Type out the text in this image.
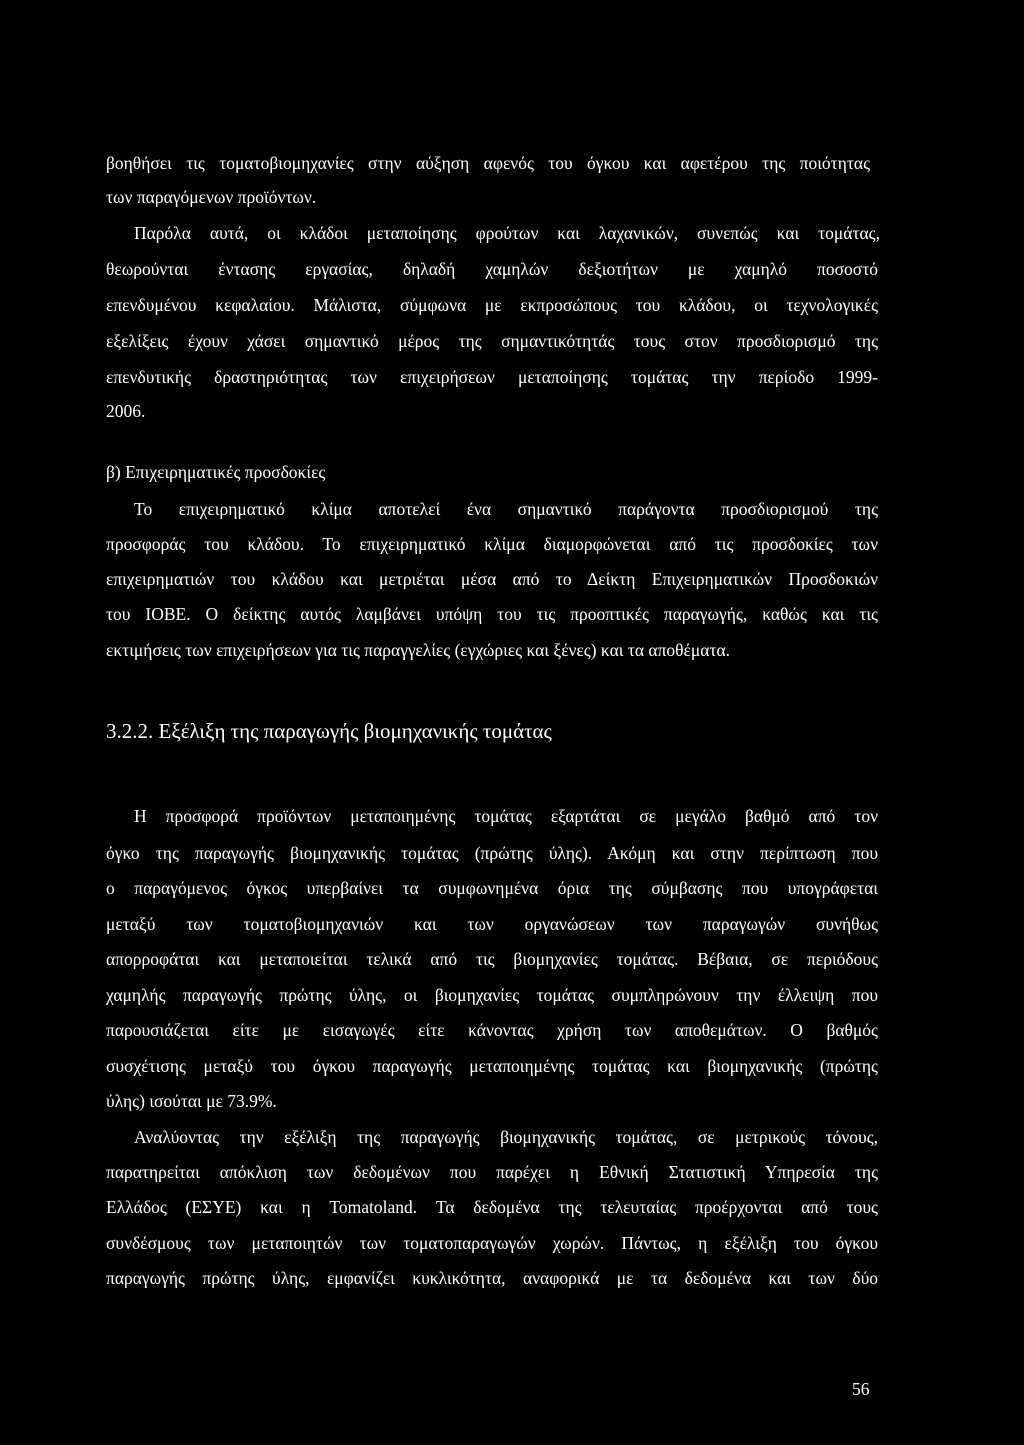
βοηθήσει τις τοματοβιομηχανίες στην αύξηση αφενός του όγκου και αφετέρου της ποιότητας
των παραγόμενων προϊόντων.
Παρόλα αυτά, οι κλάδοι μεταποίησης φρούτων και λαχανικών, συνεπώς και τομάτας,
θεωρούνται έντασης εργασίας, δηλαδή χαμηλών δεξιοτήτων με χαμηλό ποσοστό
επενδυμένου κεφαλαίου. Μάλιστα, σύμφωνα με εκπροσώπους του κλάδου, οι τεχνολογικές
εξελίξεις έχουν χάσει σημαντικό μέρος της σημαντικότητάς τους στον προσδιορισμό της
επενδυτικής δραστηριότητας των επιχειρήσεων μεταποίησης τομάτας την περίοδο 1999-
2006.
β) Επιχειρηματικές προσδοκίες
Το επιχειρηματικό κλίμα αποτελεί ένα σημαντικό παράγοντα προσδιορισμού της
προσφοράς του κλάδου. Το επιχειρηματικό κλίμα διαμορφώνεται από τις προσδοκίες των
επιχειρηματιών του κλάδου και μετριέται μέσα από το Δείκτη Επιχειρηματικών Προσδοκιών
του ΙΟΒΕ. Ο δείκτης αυτός λαμβάνει υπόψη του τις προοπτικές παραγωγής, καθώς και τις
εκτιμήσεις των επιχειρήσεων για τις παραγγελίες (εγχώριες και ξένες) και τα αποθέματα.
3.2.2. Εξέλιξη της παραγωγής βιομηχανικής τομάτας
Η προσφορά προϊόντων μεταποιημένης τομάτας εξαρτάται σε μεγάλο βαθμό από τον
όγκο της παραγωγής βιομηχανικής τομάτας (πρώτης ύλης). Ακόμη και στην περίπτωση που
ο παραγόμενος όγκος υπερβαίνει τα συμφωνημένα όρια της σύμβασης που υπογράφεται
μεταξύ των τοματοβιομηχανιών και των οργανώσεων των παραγωγών συνήθως
απορροφάται και μεταποιείται τελικά από τις βιομηχανίες τομάτας. Βέβαια, σε περιόδους
χαμηλής παραγωγής πρώτης ύλης, οι βιομηχανίες τομάτας συμπληρώνουν την έλλειψη που
παρουσιάζεται είτε με εισαγωγές είτε κάνοντας χρήση των αποθεμάτων. Ο βαθμός
συσχέτισης μεταξύ του όγκου παραγωγής μεταποιημένης τομάτας και βιομηχανικής (πρώτης
ύλης) ισούται με 73.9%.
Αναλύοντας την εξέλιξη της παραγωγής βιομηχανικής τομάτας, σε μετρικούς τόνους,
παρατηρείται απόκλιση των δεδομένων που παρέχει η Εθνική Στατιστική Υπηρεσία της
Ελλάδος (ΕΣΥΕ) και η Tomatoland. Τα δεδομένα της τελευταίας προέρχονται από τους
συνδέσμους των μεταποιητών των τοματοπαραγωγών χωρών. Πάντως, η εξέλιξη του όγκου
παραγωγής πρώτης ύλης, εμφανίζει κυκλικότητα, αναφορικά με τα δεδομένα και των δύο
56
